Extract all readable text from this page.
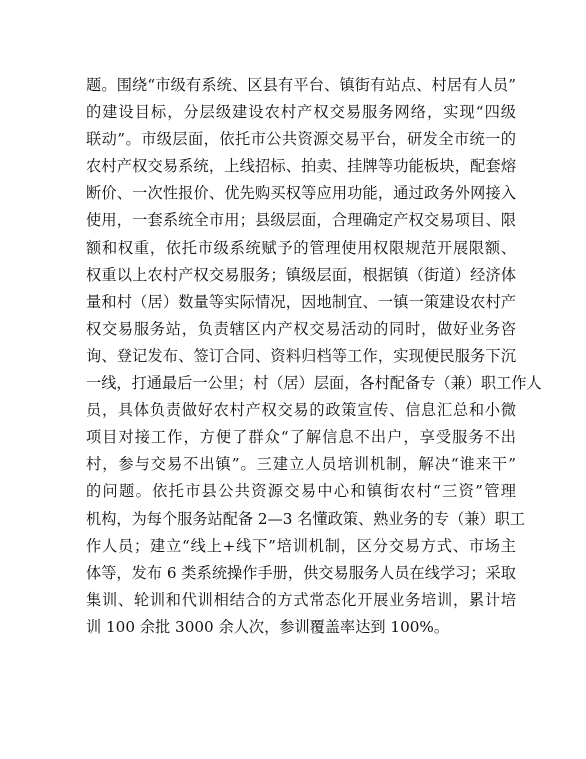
题。围绕“市级有系统、区县有平台、镇街有站点、村居有人员”
的建设目标，分层级建设农村产权交易服务网络，实现“四级
联动”。市级层面，依托市公共资源交易平台，研发全市统一的
农村产权交易系统，上线招标、拍卖、挂牌等功能板块，配套熔
断价、一次性报价、优先购买权等应用功能，通过政务外网接入
使用，一套系统全市用；县级层面，合理确定产权交易项目、限
额和权重，依托市级系统赋予的管理使用权限规范开展限额、
权重以上农村产权交易服务；镇级层面，根据镇（街道）经济体
量和村（居）数量等实际情况，因地制宜、一镇一策建设农村产
权交易服务站，负责辖区内产权交易活动的同时，做好业务咨
询、登记发布、签订合同、资料归档等工作，实现便民服务下沉
一线，打通最后一公里；村（居）层面，各村配备专（兼）职工作人
员，具体负责做好农村产权交易的政策宣传、信息汇总和小微
项目对接工作，方便了群众“了解信息不出户，享受服务不出
村，参与交易不出镇”。三建立人员培训机制，解决“谁来干”
的问题。依托市县公共资源交易中心和镇街农村“三资”管理
机构，为每个服务站配备 2—3 名懂政策、熟业务的专（兼）职工
作人员；建立“线上+线下”培训机制，区分交易方式、市场主
体等，发布 6 类系统操作手册，供交易服务人员在线学习；采取
集训、轮训和代训相结合的方式常态化开展业务培训，累计培
训 100 余批 3000 余人次，参训覆盖率达到 100%。
